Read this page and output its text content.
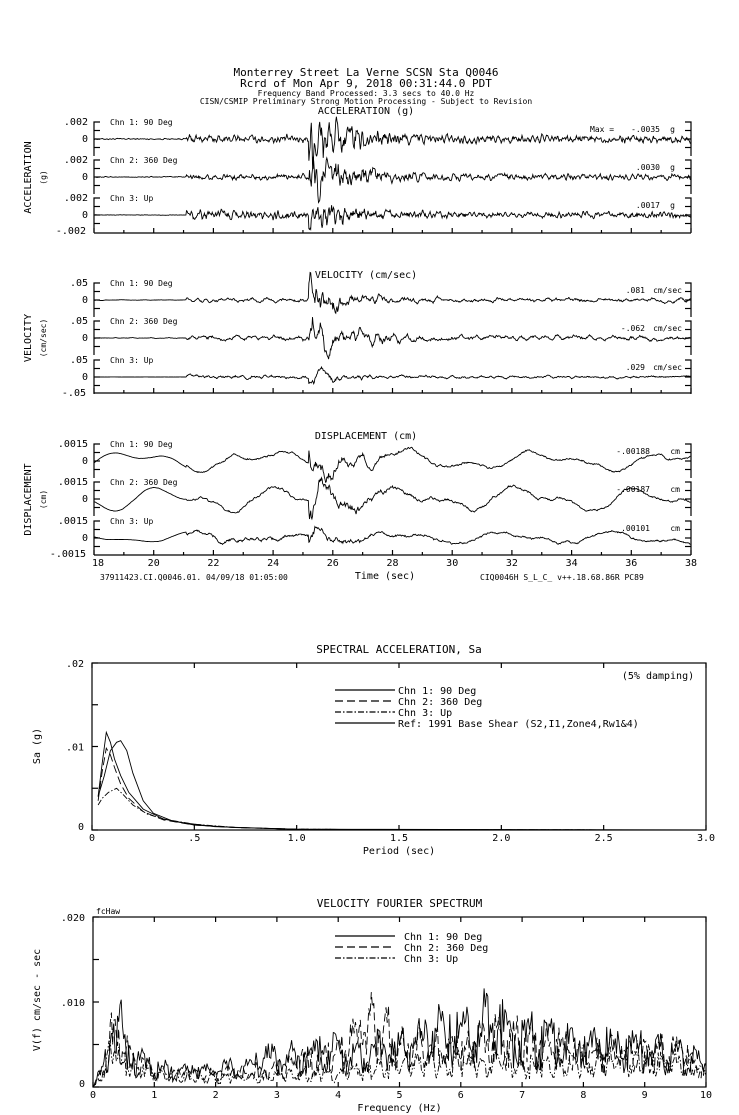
Monterrey Street La Verne SCSN Sta Q0046
Rcrd of Mon Apr 9, 2018 00:31:44.0 PDT
Frequency Band Processed: 3.3 secs to 40.0 Hz
CISN/CSMIP Preliminary Strong Motion Processing - Subject to Revision
ACCELERATION (g)
ACCELERATION (g)
.002
0
Chn 1: 90 Deg
Max = -.0035 g
.002
0
Chn 2: 360 Deg
.0030 g
.002
0
-.002
Chn 3: Up
.0017 g
VELOCITY (cm/sec)
VELOCITY (cm/sec)
.05
0
Chn 1: 90 Deg
.081 cm/sec
.05
0
Chn 2: 360 Deg
-.062 cm/sec
.05
0
-.05
Chn 3: Up
.029 cm/sec
DISPLACEMENT (cm)
DISPLACEMENT (cm)
.0015
0
Chn 1: 90 Deg
-.00188	cm
.0015
0
Chn 2: 360 Deg
-.00187	cm
.0015
0
-.0015
Chn 3: Up
.00101	cm
18	20	22	24	26	28	30	32	34	36	38
Time (sec)
37911423.CI.Q0046.01. 04/09/18 01:05:00	CIQ0046H S_L_C_ v++.18.68.86R PC89
SPECTRAL ACCELERATION, Sa
0	.5	1.0	1.5	2.0	2.5	3.0
Period (sec)
0
.01
.02
Sa (g)
(5% damping)
Chn 1: 90 Deg
Chn 2: 360 Deg
Chn 3: Up
Ref: 1991 Base Shear (S2,I1,Zone4,Rw1&4)
VELOCITY FOURIER SPECTRUM
0	1	2	3	4	5	6	7	8	9	10
Frequency (Hz)
0
.010
.020
V(f) cm/sec - sec
fcHaw
Chn 1: 90 Deg
Chn 2: 360 Deg
Chn 3: Up
